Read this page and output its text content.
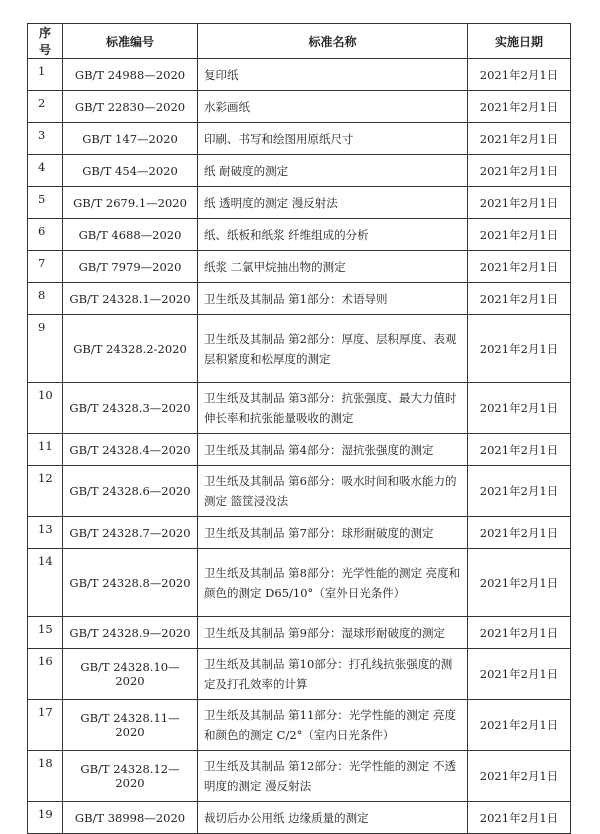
序号	标准编号	标准名称	实施日期
1	GB/T 24988—2020	复印纸	2021年2月1日
2	GB/T 22830—2020	水彩画纸	2021年2月1日
3	GB/T 147—2020	印刷、书写和绘图用原纸尺寸	2021年2月1日
4	GB/T 454—2020	纸 耐破度的测定	2021年2月1日
5	GB/T 2679.1—2020	纸 透明度的测定 漫反射法	2021年2月1日
6	GB/T 4688—2020	纸、纸板和纸浆 纤维组成的分析	2021年2月1日
7	GB/T 7979—2020	纸浆 二氯甲烷抽出物的测定	2021年2月1日
8	GB/T 24328.1—2020	卫生纸及其制品 第1部分：术语导则	2021年2月1日
9	GB/T 24328.2-2020	卫生纸及其制品 第2部分：厚度、层积厚度、表观层积紧度和松厚度的测定	2021年2月1日
10	GB/T 24328.3—2020	卫生纸及其制品 第3部分：抗张强度、最大力值时伸长率和抗张能量吸收的测定	2021年2月1日
11	GB/T 24328.4—2020	卫生纸及其制品 第4部分：湿抗张强度的测定	2021年2月1日
12	GB/T 24328.6—2020	卫生纸及其制品 第6部分：吸水时间和吸水能力的测定 篮筐浸没法	2021年2月1日
13	GB/T 24328.7—2020	卫生纸及其制品 第7部分：球形耐破度的测定	2021年2月1日
14	GB/T 24328.8—2020	卫生纸及其制品 第8部分：光学性能的测定 亮度和颜色的测定 D65/10°（室外日光条件）	2021年2月1日
15	GB/T 24328.9—2020	卫生纸及其制品 第9部分：湿球形耐破度的测定	2021年2月1日
16	GB/T 24328.10—2020	卫生纸及其制品 第10部分：打孔线抗张强度的测定及打孔效率的计算	2021年2月1日
17	GB/T 24328.11—2020	卫生纸及其制品 第11部分：光学性能的测定 亮度和颜色的测定 C/2°（室内日光条件）	2021年2月1日
18	GB/T 24328.12—2020	卫生纸及其制品 第12部分：光学性能的测定 不透明度的测定 漫反射法	2021年2月1日
19	GB/T 38998—2020	裁切后办公用纸 边缘质量的测定	2021年2月1日
